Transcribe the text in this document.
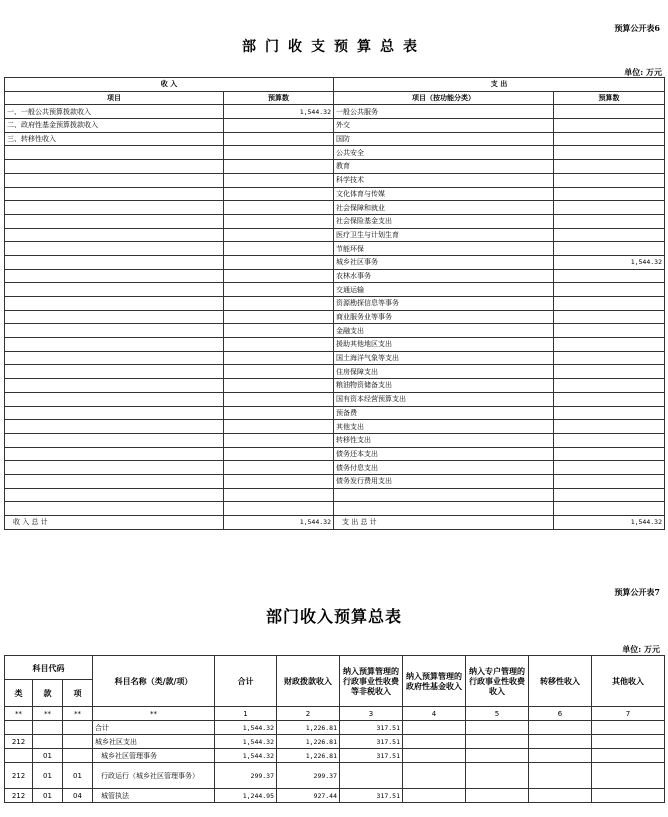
预算公开表6
部门收支预算总表
单位: 万元
收 入		支 出	
项目	预算数	项目（按功能分类）	预算数
一、一般公共预算拨款收入	1,544.32	一般公共服务	
二、政府性基金预算拨款收入		外交	
三、转移性收入		国防	
		公共安全	
		教育	
		科学技术	
		文化体育与传媒	
		社会保障和就业	
		社会保险基金支出	
		医疗卫生与计划生育	
		节能环保	
		城乡社区事务	1,544.32
		农林水事务	
		交通运输	
		资源勘探信息等事务	
		商业服务业等事务	
		金融支出	
		援助其他地区支出	
		国土海洋气象等支出	
		住房保障支出	
		粮油物资储备支出	
		国有资本经营预算支出	
		预备费	
		其他支出	
		转移性支出	
		债务还本支出	
		债务付息支出	
		债务发行费用支出	

收 入 总 计	1,544.32	支 出 总 计	1,544.32
预算公开表7
部门收入预算总表
单位: 万元
科目代码			科目名称（类/款/项）	合计	财政拨款收入	纳入预算管理的行政事业性收费等非税收入	纳入预算管理的政府性基金收入	纳入专户管理的行政事业性收费收入	转移性收入	其他收入
类	款	项								
**	**	**	**	1	2	3	4	5	6	7
			合计	1,544.32	1,226.81	317.51				
212			城乡社区支出	1,544.32	1,226.81	317.51				
	01		城乡社区管理事务	1,544.32	1,226.81	317.51				
212	01	01	行政运行（城乡社区管理事务）	299.37	299.37					
212	01	04	城管执法	1,244.95	927.44	317.51				
